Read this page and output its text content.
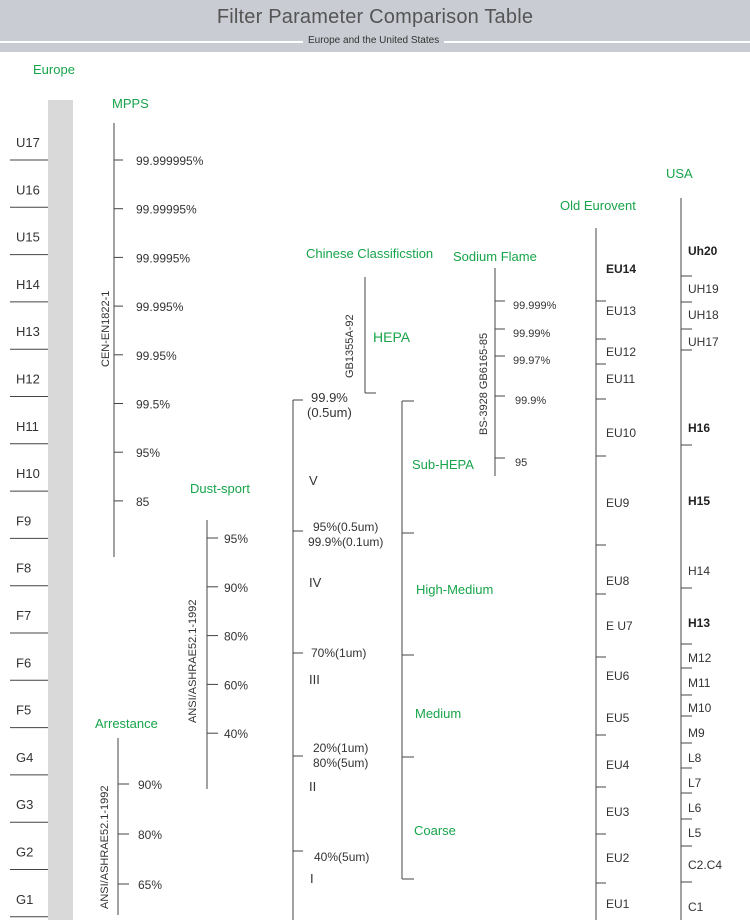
Filter Parameter Comparison Table
Europe and the United States
Europe
U17
U16
U15
H14
H13
H12
H11
H10
F9
F8
F7
F6
F5
G4
G3
G2
G1
MPPS
CEN-EN1822-1
99.999995%
99.99995%
99.9995%
99.995%
99.95%
99.5%
95%
85
Dust-sport
ANSI/ASHRAE52.1-1992
95%
90%
80%
60%
40%
Arrestance
ANSI/ASHRAE52.1-1992
90%
80%
65%
Chinese Classificstion
GB1355A-92 HEPA
99.9%
(0.5um)
V
IV
III
II
I
95%(0.5um)
99.9%(0.1um)
70%(1um)
20%(1um)
80%(5um)
40%(5um)
Sub-HEPA
High-Medium
Medium
Coarse
Sodium Flame
BS-3928 GB6165-85
99.999%
99.99%
99.97%
99.9%
95
Old Eurovent
EU14
EU13
EU12
EU11
EU10
EU9
EU8
E U7
EU6
EU5
EU4
EU3
EU2
EU1
USA
Uh20
UH19
UH18
UH17
H16
H15
H14
H13
M12
M11
M10
M9
L8
L7
L6
L5
C2.C4
C1
